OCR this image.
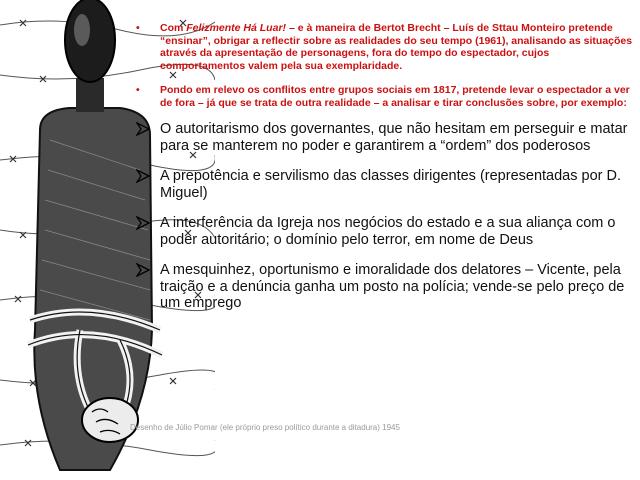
• Com Felizmente Há Luar! – e à maneira de Bertot Brecht – Luís de Sttau Monteiro pretende “ensinar”, obrigar a reflectir sobre as realidades do seu tempo (1961), analisando as situações através da apresentação de personagens, fora do tempo do espectador, cujos comportamentos valem pela sua exemplaridade.
• Pondo em relevo os conflitos entre grupos sociais em 1817, pretende levar o espectador a ver de fora – já que se trata de outra realidade – a analisar e tirar conclusões sobre, por exemplo:
O autoritarismo dos governantes, que não hesitam em perseguir e matar para se manterem no poder e garantirem a “ordem” dos poderosos
A prepotência e servilismo das classes dirigentes (representadas por D. Miguel)
A interferência da Igreja nos negócios do estado e a sua aliança com o poder autoritário; o domínio pelo terror, em nome de Deus
A mesquinhez, oportunismo e imoralidade dos delatores – Vicente, pela traição e a denúncia ganha um posto na polícia; vende-se pelo preço de um emprego
Desenho de Júlio Pomar (ele próprio preso político durante a ditadura) 1945
